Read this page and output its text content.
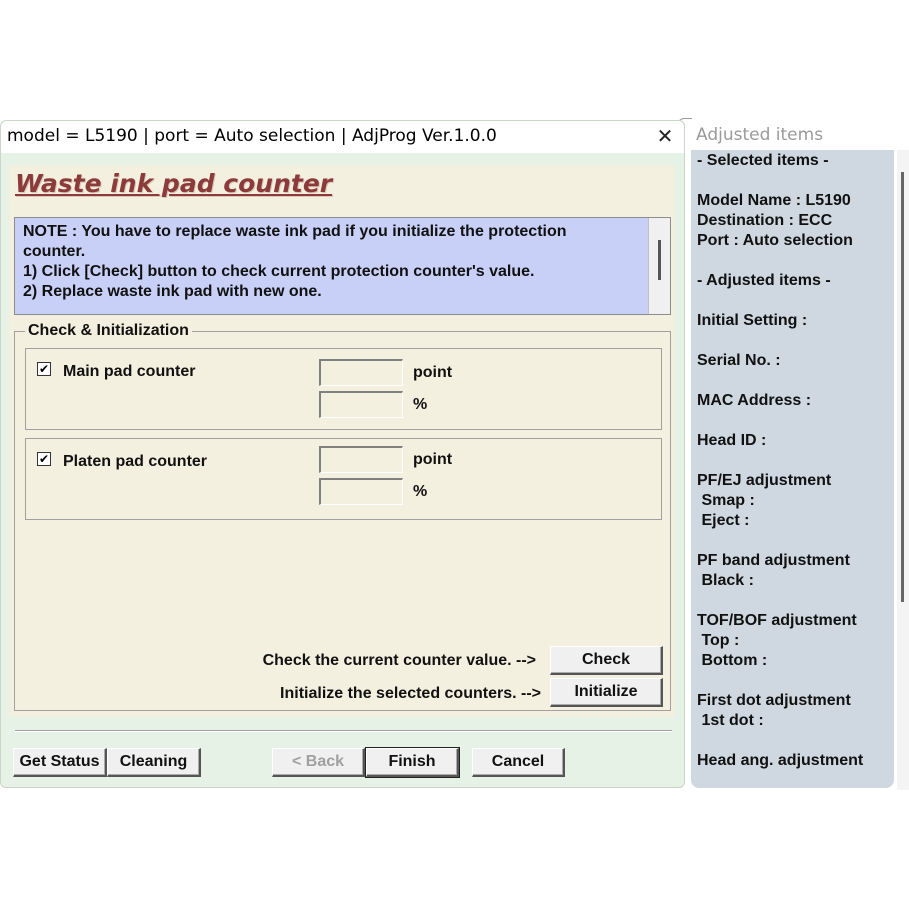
model = L5190 | port = Auto selection | AdjProg Ver.1.0.0	✕
Waste ink pad counter
NOTE : You have to replace waste ink pad if you initialize the protection
counter.
1) Click [Check] button to check current protection counter's value.
2) Replace waste ink pad with new one.
Check & Initialization
✔ Main pad counter	point
%
✔ Platen pad counter	point
%
Check the current counter value. -->	Check
Initialize the selected counters. -->	Initialize
Get Status	Cleaning	< Back	Finish	Cancel
Adjusted items
- Selected items -
Model Name : L5190
Destination : ECC
Port : Auto selection
- Adjusted items -
Initial Setting :
Serial No. :
MAC Address :
Head ID :
PF/EJ adjustment
Smap :
Eject :
PF band adjustment
Black :
TOF/BOF adjustment
Top :
Bottom :
First dot adjustment
1st dot :
Head ang. adjustment
